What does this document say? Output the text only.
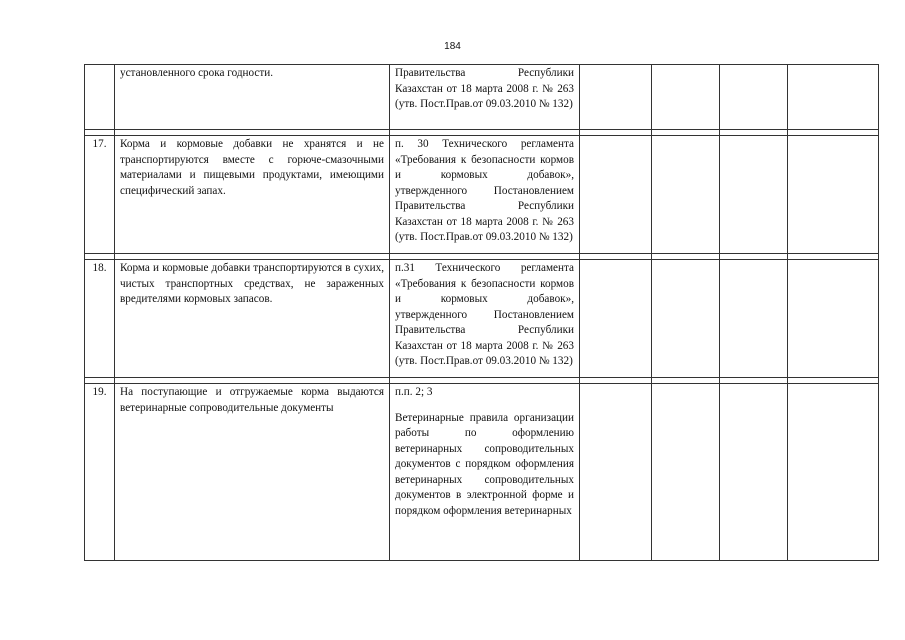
184

	установленного срока годности.	Правительства Республики Казахстан от 18 марта 2008 г. № 263 (утв. Пост.Прав.от 09.03.2010 № 132)				

17.	Корма и кормовые добавки не хранятся и не транспортируются вместе с горюче-смазочными материалами и пищевыми продуктами, имеющими специфический запах.	п. 30 Технического регламента «Требования к безопасности кормов и кормовых добавок», утвержденного Постановлением Правительства Республики Казахстан от 18 марта 2008 г. № 263 (утв. Пост.Прав.от 09.03.2010 № 132)				

18.	Корма и кормовые добавки транспортируются в сухих, чистых транспортных средствах, не зараженных вредителями кормовых запасов.	п.31 Технического регламента «Требования к безопасности кормов и кормовых добавок», утвержденного Постановлением Правительства Республики Казахстан от 18 марта 2008 г. № 263 (утв. Пост.Прав.от 09.03.2010 № 132)				

19.	На поступающие и отгружаемые корма выдаются ветеринарные сопроводительные документы	п.п. 2; 3
Ветеринарные правила организации работы по оформлению ветеринарных сопроводительных документов с порядком оформления ветеринарных сопроводительных документов в электронной форме и порядком оформления ветеринарных				
